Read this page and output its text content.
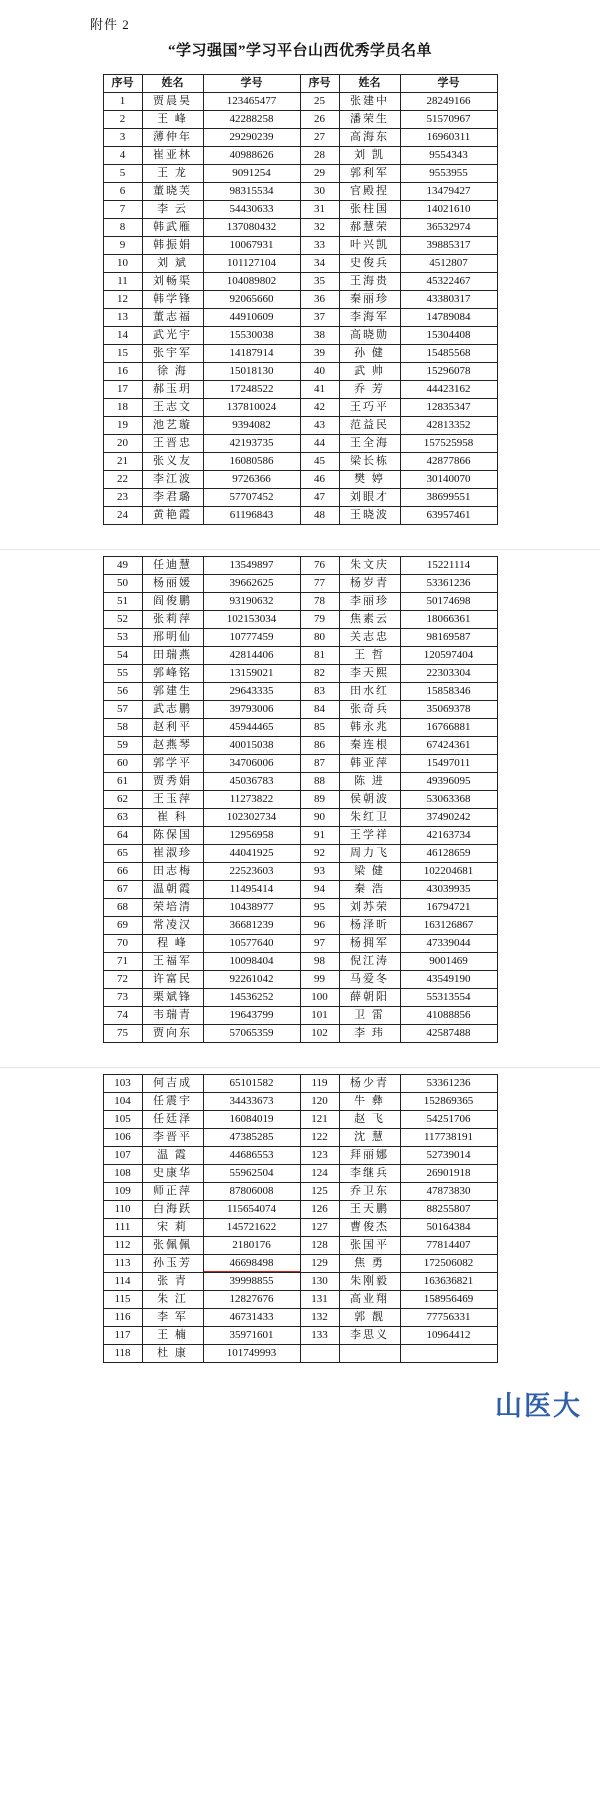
附件 2
“学习强国”学习平台山西优秀学员名单
序号	姓名	学号	序号	姓名	学号
1	贾晨昊	123465477	25	张建中	28249166
2	王 峰	42288258	26	潘荣生	51570967
3	薄仲年	29290239	27	高海东	16960311
4	崔亚林	40988626	28	刘 凯	9554343
5	王 龙	9091254	29	郭利军	9553955
6	董晓芙	98315534	30	官殿捏	13479427
7	李 云	54430633	31	张柱国	14021610
8	韩武雁	137080432	32	郝慧荣	36532974
9	韩振娟	10067931	33	叶兴凯	39885317
10	刘 斌	101127104	34	史俊兵	4512807
11	刘畅渠	104089802	35	王海贵	45322467
12	韩学锋	92065660	36	秦丽珍	43380317
13	董志福	44910609	37	李海军	14789084
14	武光宇	15530038	38	高晓勋	15304408
15	张宇军	14187914	39	孙 健	15485568
16	徐 海	15018130	40	武 帅	15296078
17	郝玉玥	17248522	41	乔 芳	44423162
18	王志文	137810024	42	王巧平	12835347
19	池艺璇	9394082	43	范益民	42813352
20	王晋忠	42193735	44	王全海	157525958
21	张义友	16080586	45	梁长栋	42877866
22	李江波	9726366	46	樊 婷	30140070
23	李君璐	57707452	47	刘眼才	38699551
24	黄艳霞	61196843	48	王晓波	63957461
49	任迪慧	13549897	76	朱文庆	15221114
50	杨丽媛	39662625	77	杨岁青	53361236
51	阎俊鹏	93190632	78	李丽珍	50174698
52	张莉萍	102153034	79	焦素云	18066361
53	邢明仙	10777459	80	关志忠	98169587
54	田瑞燕	42814406	81	王 哲	120597404
55	郭峰铭	13159021	82	李天熙	22303304
56	郭建生	29643335	83	田水红	15858346
57	武志鹏	39793006	84	张奇兵	35069378
58	赵利平	45944465	85	韩永兆	16766881
59	赵燕琴	40015038	86	秦连根	67424361
60	郭学平	34706006	87	韩亚萍	15497011
61	贾秀娟	45036783	88	陈 进	49396095
62	王玉萍	11273822	89	侯朝波	53063368
63	崔 科	102302734	90	朱红卫	37490242
64	陈保国	12956958	91	王学祥	42163734
65	崔淑珍	44041925	92	周力飞	46128659
66	田志梅	22523603	93	梁 健	102204681
67	温朝霞	11495414	94	秦 浩	43039935
68	荣培清	10438977	95	刘苏荣	16794721
69	常凌汉	36681239	96	杨泽昕	163126867
70	程 峰	10577640	97	杨拥军	47339044
71	王福军	10098404	98	倪江涛	9001469
72	许富民	92261042	99	马爱冬	43549190
73	栗斌锋	14536252	100	薛朝阳	55313554
74	韦瑞青	19643799	101	卫 雷	41088856
75	贾向东	57065359	102	李 玮	42587488
103	何吉成	65101582	119	杨少青	53361236
104	任震宇	34433673	120	牛 彝	152869365
105	任廷泽	16084019	121	赵 飞	54251706
106	李晋平	47385285	122	沈 慧	117738191
107	温 霞	44686553	123	拜丽娜	52739014
108	史康华	55962504	124	李继兵	26901918
109	师正萍	87806008	125	乔卫东	47873830
110	白海跃	115654074	126	王天鹏	88255807
111	宋 莉	145721622	127	曹俊杰	50164384
112	张佩佩	2180176	128	张国平	77814407
113	孙玉芳	46698498	129	焦 勇	172506082
114	张 青	39998855	130	朱刚毅	163636821
115	朱 江	12827676	131	高业翔	158956469
116	李 军	46731433	132	郭 靓	77756331
117	王 楠	35971601	133	李思义	10964412
118	杜 康	101749993			
山医大
